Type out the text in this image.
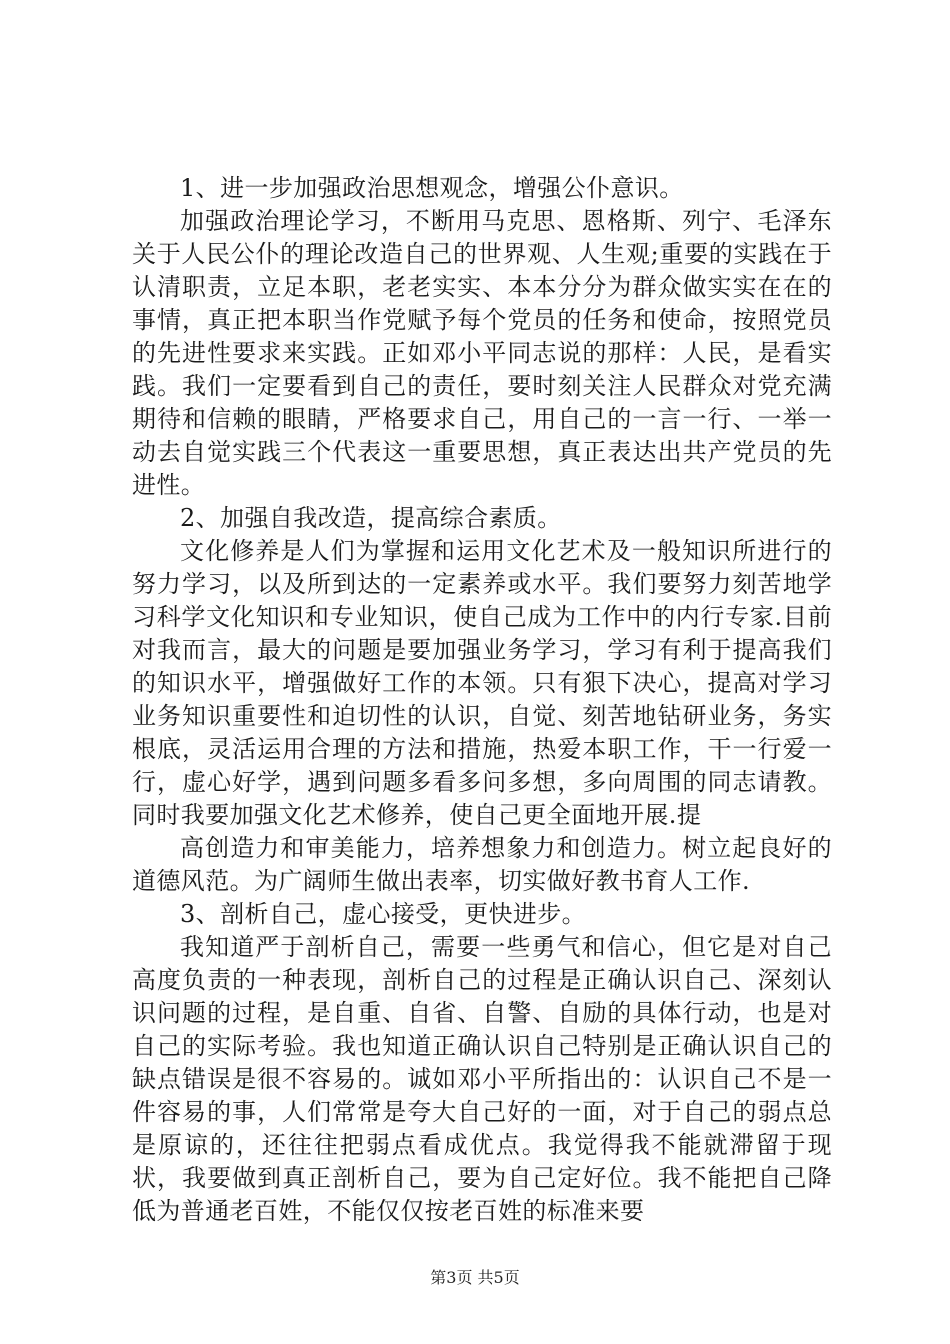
1、进一步加强政治思想观念，增强公仆意识。

加强政治理论学习，不断用马克思、恩格斯、列宁、毛泽东关于人民公仆的理论改造自己的世界观、人生观;重要的实践在于认清职责，立足本职，老老实实、本本分分为群众做实实在在的事情，真正把本职当作党赋予每个党员的任务和使命，按照党员的先进性要求来实践。正如邓小平同志说的那样：人民，是看实践。我们一定要看到自己的责任，要时刻关注人民群众对党充满期待和信赖的眼睛，严格要求自己，用自己的一言一行、一举一动去自觉实践三个代表这一重要思想，真正表达出共产党员的先进性。

2、加强自我改造，提高综合素质。

文化修养是人们为掌握和运用文化艺术及一般知识所进行的努力学习，以及所到达的一定素养或水平。我们要努力刻苦地学习科学文化知识和专业知识，使自己成为工作中的内行专家.目前对我而言，最大的问题是要加强业务学习，学习有利于提高我们的知识水平，增强做好工作的本领。只有狠下决心，提高对学习业务知识重要性和迫切性的认识，自觉、刻苦地钻研业务，务实根底，灵活运用合理的方法和措施，热爱本职工作，干一行爱一行，虚心好学，遇到问题多看多问多想，多向周围的同志请教。同时我要加强文化艺术修养，使自己更全面地开展.提

高创造力和审美能力，培养想象力和创造力。树立起良好的道德风范。为广阔师生做出表率，切实做好教书育人工作.

3、剖析自己，虚心接受，更快进步。

我知道严于剖析自己，需要一些勇气和信心，但它是对自己高度负责的一种表现，剖析自己的过程是正确认识自己、深刻认识问题的过程，是自重、自省、自警、自励的具体行动，也是对自己的实际考验。我也知道正确认识自己特别是正确认识自己的缺点错误是很不容易的。诚如邓小平所指出的：认识自己不是一件容易的事，人们常常是夸大自己好的一面，对于自己的弱点总是原谅的，还往往把弱点看成优点。我觉得我不能就滞留于现状，我要做到真正剖析自己，要为自己定好位。我不能把自己降低为普通老百姓，不能仅仅按老百姓的标准来要

第3页 共5页
